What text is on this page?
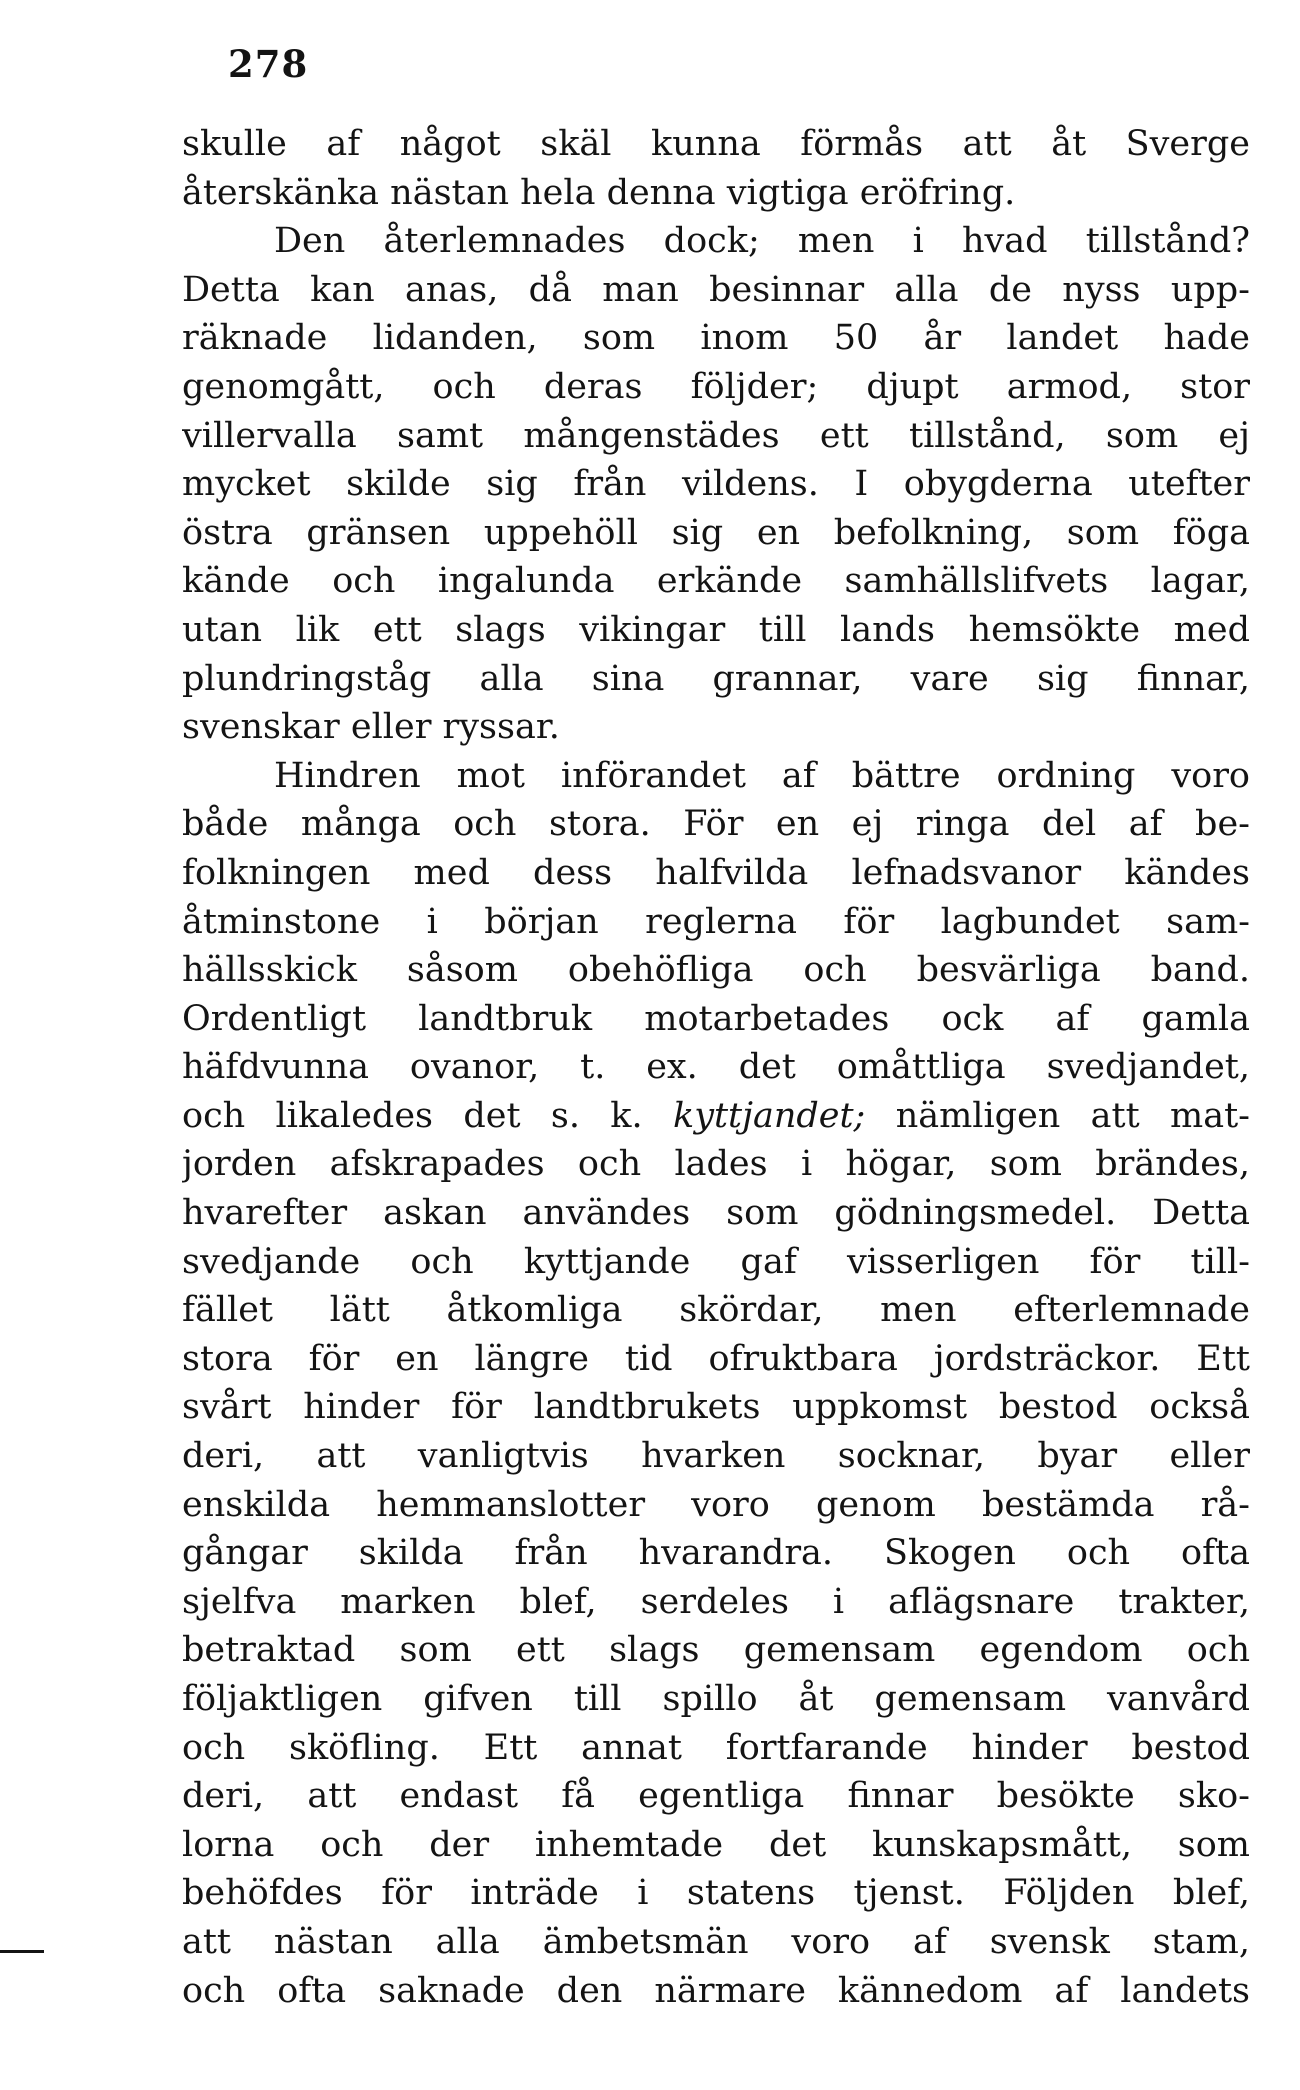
278
skulle af något skäl kunna förmås att åt Sverge
återskänka nästan hela denna vigtiga eröfring.
Den återlemnades dock; men i hvad tillstånd?
Detta kan anas, då man besinnar alla de nyss upp-
räknade lidanden, som inom 50 år landet hade
genomgått, och deras följder; djupt armod, stor
villervalla samt mångenstädes ett tillstånd, som ej
mycket skilde sig från vildens. I obygderna utefter
östra gränsen uppehöll sig en befolkning, som föga
kände och ingalunda erkände samhällslifvets lagar,
utan lik ett slags vikingar till lands hemsökte med
plundringståg alla sina grannar, vare sig finnar,
svenskar eller ryssar.
Hindren mot införandet af bättre ordning voro
både många och stora. För en ej ringa del af be-
folkningen med dess halfvilda lefnadsvanor kändes
åtminstone i början reglerna för lagbundet sam-
hällsskick såsom obehöfliga och besvärliga band.
Ordentligt landtbruk motarbetades ock af gamla
häfdvunna ovanor, t. ex. det omåttliga svedjandet,
och likaledes det s. k. kyttjandet; nämligen att mat-
jorden afskrapades och lades i högar, som brändes,
hvarefter askan användes som gödningsmedel. Detta
svedjande och kyttjande gaf visserligen för till-
fället lätt åtkomliga skördar, men efterlemnade
stora för en längre tid ofruktbara jordsträckor. Ett
svårt hinder för landtbrukets uppkomst bestod också
deri, att vanligtvis hvarken socknar, byar eller
enskilda hemmanslotter voro genom bestämda rå-
gångar skilda från hvarandra. Skogen och ofta
sjelfva marken blef, serdeles i aflägsnare trakter,
betraktad som ett slags gemensam egendom och
följaktligen gifven till spillo åt gemensam vanvård
och sköfling. Ett annat fortfarande hinder bestod
deri, att endast få egentliga finnar besökte sko-
lorna och der inhemtade det kunskapsmått, som
behöfdes för inträde i statens tjenst. Följden blef,
att nästan alla ämbetsmän voro af svensk stam,
och ofta saknade den närmare kännedom af landets
